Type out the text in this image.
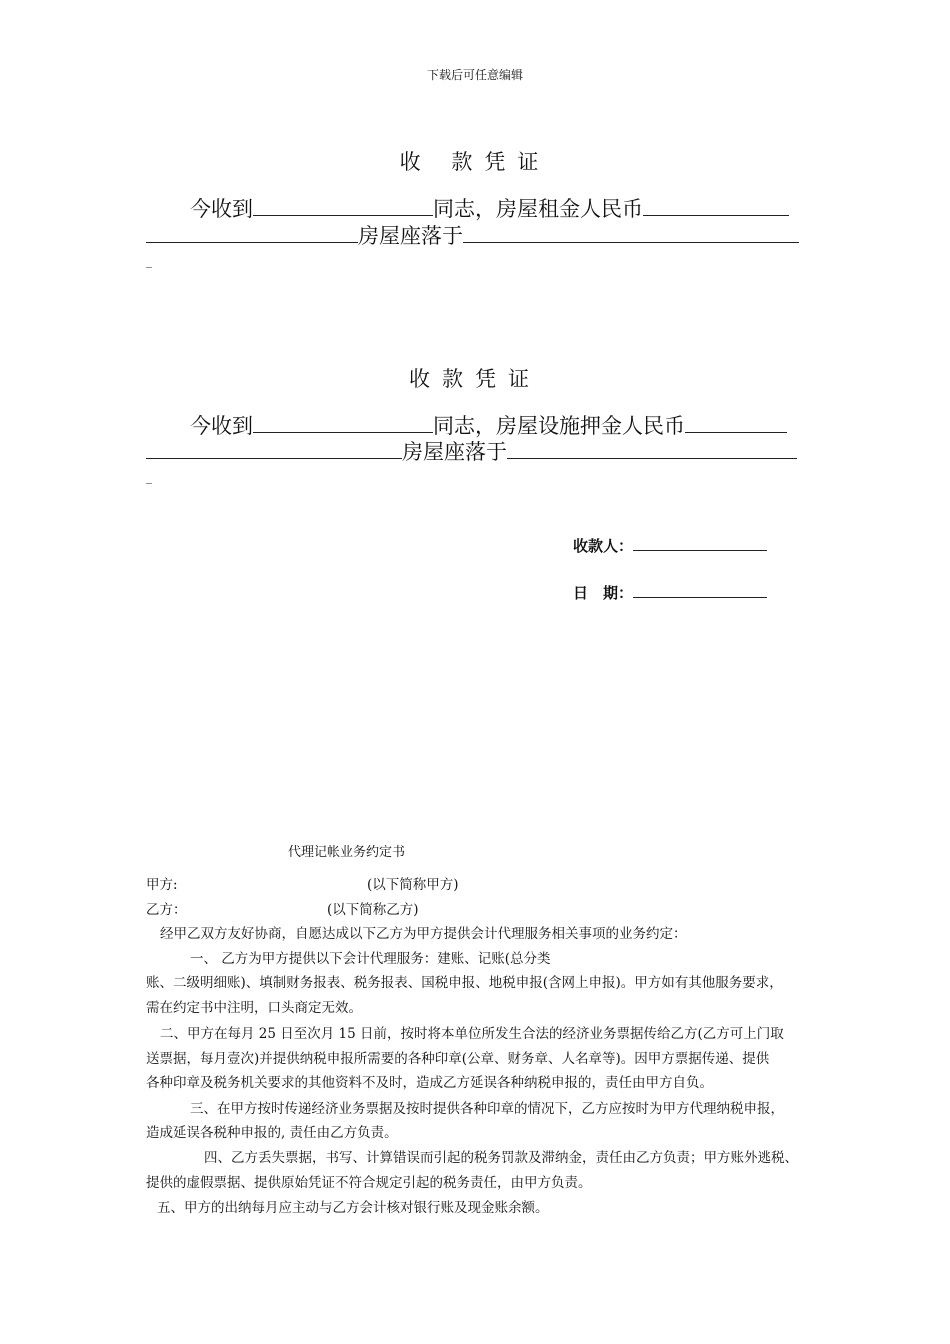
下载后可任意编辑
收 款凭证
今收到	同志，房屋租金人民币
房屋座落于
_
收款凭证
今收到	同志，房屋设施押金人民币
房屋座落于
_
收款人：
日　期：
代理记帐业务约定书
甲方:	(以下简称甲方)
乙方：	(以下简称乙方)
经甲乙双方友好协商，自愿达成以下乙方为甲方提供会计代理服务相关事项的业务约定：
一、 乙方为甲方提供以下会计代理服务：建账、记账(总分类
账、二级明细账)、填制财务报表、税务报表、国税申报、地税申报(含网上申报)。甲方如有其他服务要求，
需在约定书中注明，口头商定无效。
二、甲方在每月 25 日至次月 15 日前，按时将本单位所发生合法的经济业务票据传给乙方(乙方可上门取
送票据，每月壹次)并提供纳税申报所需要的各种印章(公章、财务章、人名章等)。因甲方票据传递、提供
各种印章及税务机关要求的其他资料不及时，造成乙方延误各种纳税申报的，责任由甲方自负。
三、在甲方按时传递经济业务票据及按时提供各种印章的情况下，乙方应按时为甲方代理纳税申报，
造成延误各税种申报的, 责任由乙方负责。
四、乙方丢失票据，书写、计算错误而引起的税务罚款及滞纳金，责任由乙方负责；甲方账外逃税、
提供的虚假票据、提供原始凭证不符合规定引起的税务责任，由甲方负责。
五、甲方的出纳每月应主动与乙方会计核对银行账及现金账余额。
